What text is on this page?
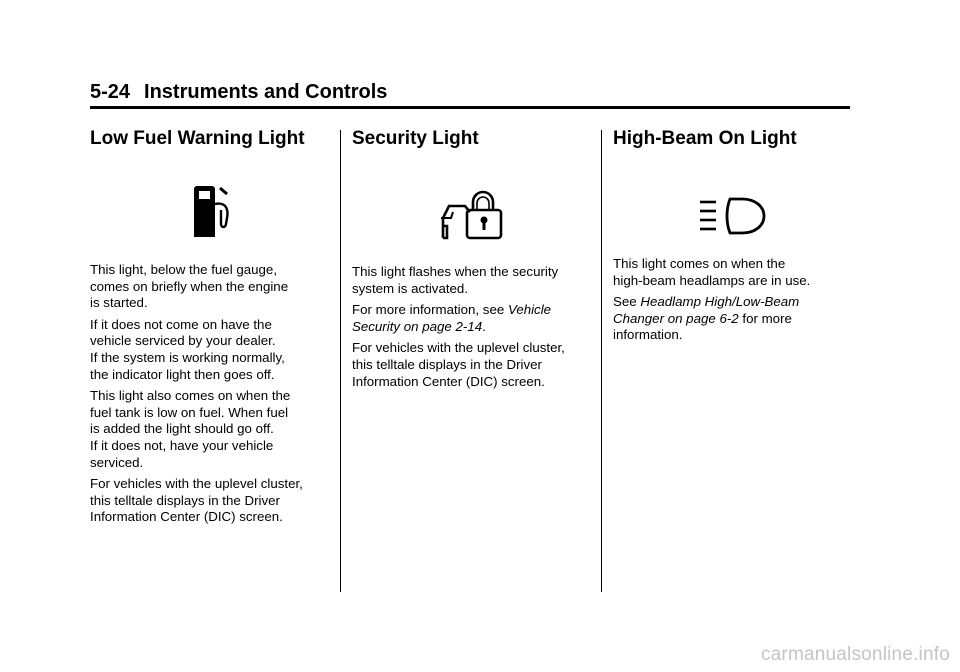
5-24 Instruments and Controls
Low Fuel Warning Light

This light, below the fuel gauge,
comes on briefly when the engine
is started.

If it does not come on have the
vehicle serviced by your dealer.
If the system is working normally,
the indicator light then goes off.

This light also comes on when the
fuel tank is low on fuel. When fuel
is added the light should go off.
If it does not, have your vehicle
serviced.

For vehicles with the uplevel cluster,
this telltale displays in the Driver
Information Center (DIC) screen.

Security Light

This light flashes when the security
system is activated.

For more information, see Vehicle
Security on page 2-14.

For vehicles with the uplevel cluster,
this telltale displays in the Driver
Information Center (DIC) screen.

High-Beam On Light

This light comes on when the
high-beam headlamps are in use.

See Headlamp High/Low-Beam
Changer on page 6-2 for more
information.

carmanualsonline.info
